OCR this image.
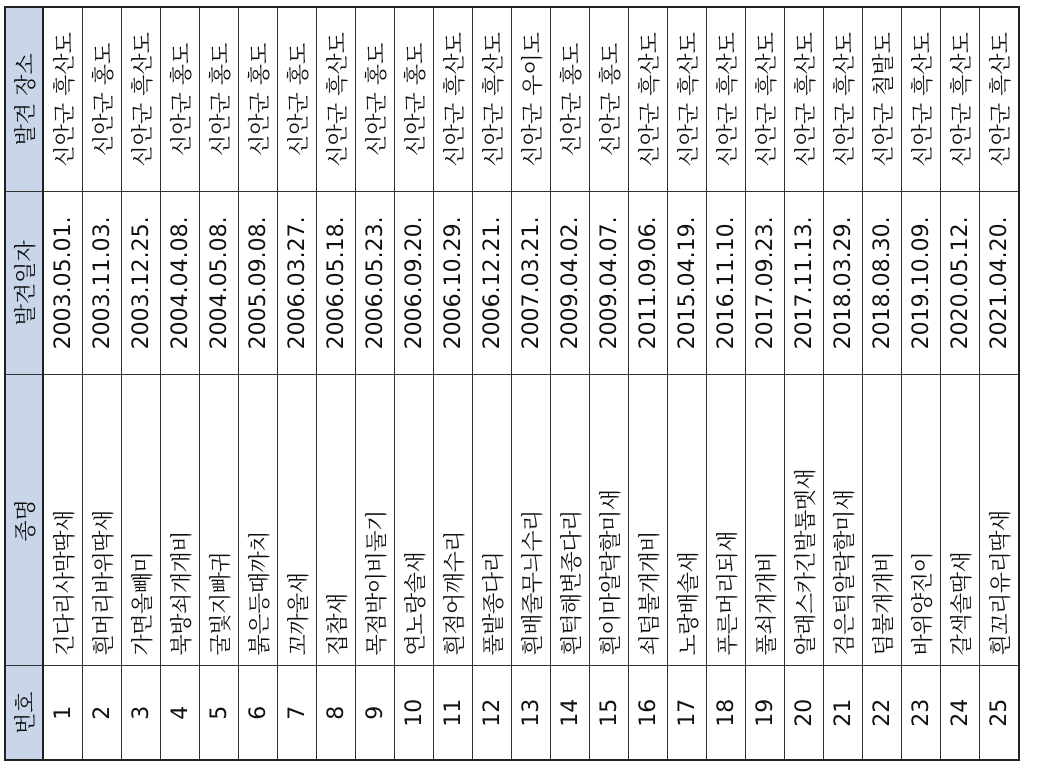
번호	종명	발견일자	발견 장소
1	긴다리사막딱새	2003.05.01.	신안군 흑산도
2	흰머리바위딱새	2003.11.03.	신안군 홍도
3	가면올빼미	2003.12.25.	신안군 흑산도
4	북방쇠개개비	2004.04.08.	신안군 홍도
5	굴빛지빠귀	2004.05.08.	신안군 홍도
6	붉은등때까치	2005.09.08.	신안군 홍도
7	꼬까울새	2006.03.27.	신안군 홍도
8	집참새	2006.05.18.	신안군 흑산도
9	목점박이비둘기	2006.05.23.	신안군 홍도
10	연노랑솔새	2006.09.20.	신안군 홍도
11	흰점어깨수리	2006.10.29.	신안군 흑산도
12	풀밭종다리	2006.12.21.	신안군 흑산도
13	흰배줄무늬수리	2007.03.21.	신안군 우이도
14	흰턱해변종다리	2009.04.02.	신안군 홍도
15	흰이마알락할미새	2009.04.07.	신안군 홍도
16	쇠덤불개개비	2011.09.06.	신안군 흑산도
17	노랑배솔새	2015.04.19.	신안군 흑산도
18	푸른머리되새	2016.11.10.	신안군 흑산도
19	풀쇠개개비	2017.09.23.	신안군 흑산도
20	알래스카긴발톱멧새	2017.11.13.	신안군 흑산도
21	검은턱알락할미새	2018.03.29.	신안군 흑산도
22	덤불개개비	2018.08.30.	신안군 칠발도
23	바위양진이	2019.10.09.	신안군 흑산도
24	갈색솔딱새	2020.05.12.	신안군 흑산도
25	흰꼬리유리딱새	2021.04.20.	신안군 흑산도
